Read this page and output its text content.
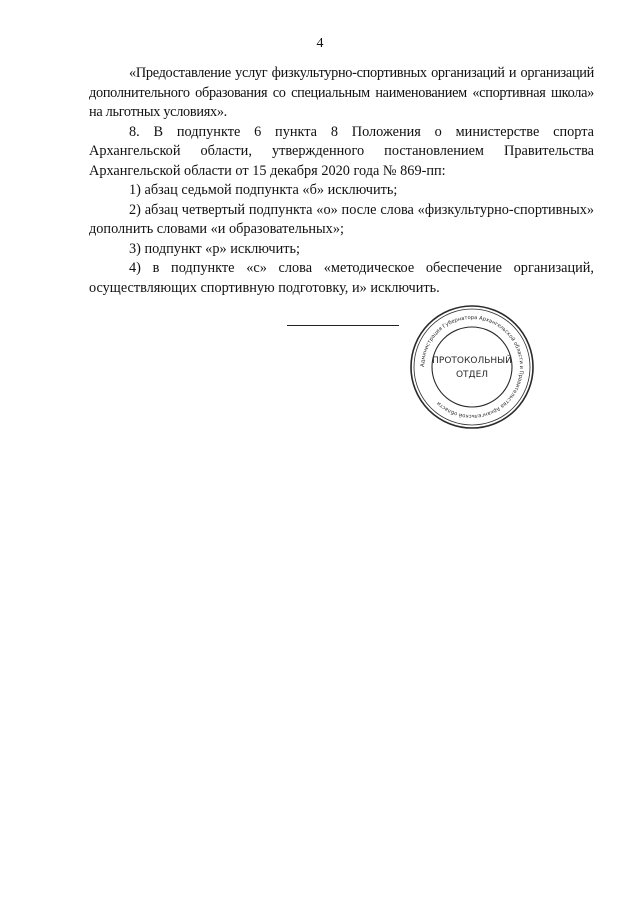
4

«Предоставление услуг физкультурно-спортивных организаций и организаций дополнительного образования со специальным наименованием «спортивная школа» на льготных условиях».

8. В подпункте 6 пункта 8 Положения о министерстве спорта Архангельской области, утвержденного постановлением Правительства Архангельской области от 15 декабря 2020 года № 869-пп:

1) абзац седьмой подпункта «б» исключить;

2) абзац четвертый подпункта «о» после слова «физкультурно-спортивных» дополнить словами «и образовательных»;

3) подпункт «р» исключить;

4) в подпункте «с» слова «методическое обеспечение организаций, осуществляющих спортивную подготовку, и» исключить.

Администрация Губернатора Архангельской области и Правительства Архангельской области
ПРОТОКОЛЬНЫЙ
ОТДЕЛ
